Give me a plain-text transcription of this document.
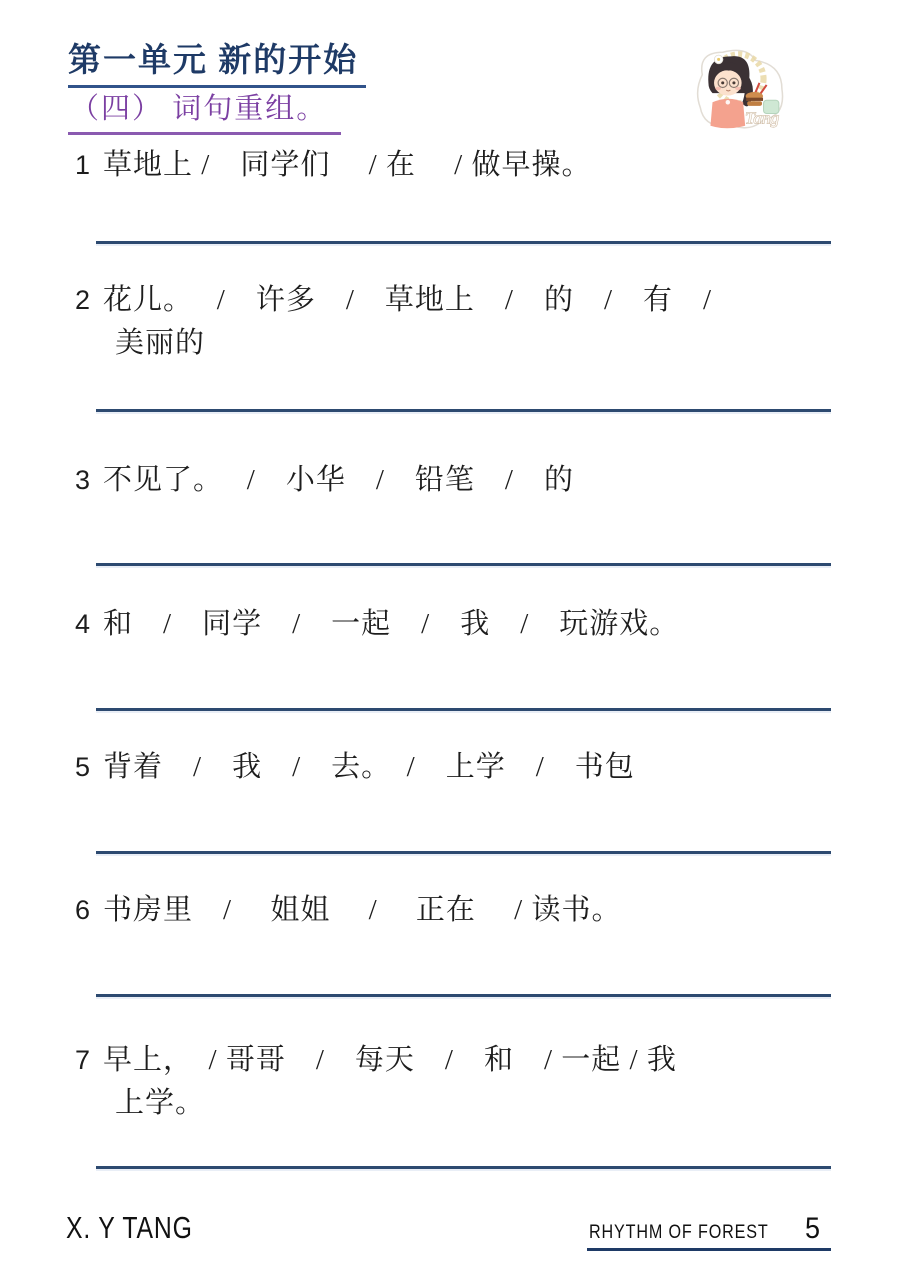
第一单元 新的开始
（四） 词句重组。	Tang
1 草地上 /　同学们　 / 在　 / 做早操。
2 花儿。　 /　许多　/　草地上　/　的　/　有　/
美丽的
3 不见了。　 /　小华　/　铅笔　/　的
4 和　/　同学　/　一起　/　我　/　玩游戏。
5 背着　/　我　/　去。　/　上学　/　书包
6 书房里　/　 姐姐　 /　 正在　 / 读书。
7 早上，　/ 哥哥　/　每天　/　和　/ 一起 / 我
上学。
X. Y TANG	RHYTHM OF FOREST 5
